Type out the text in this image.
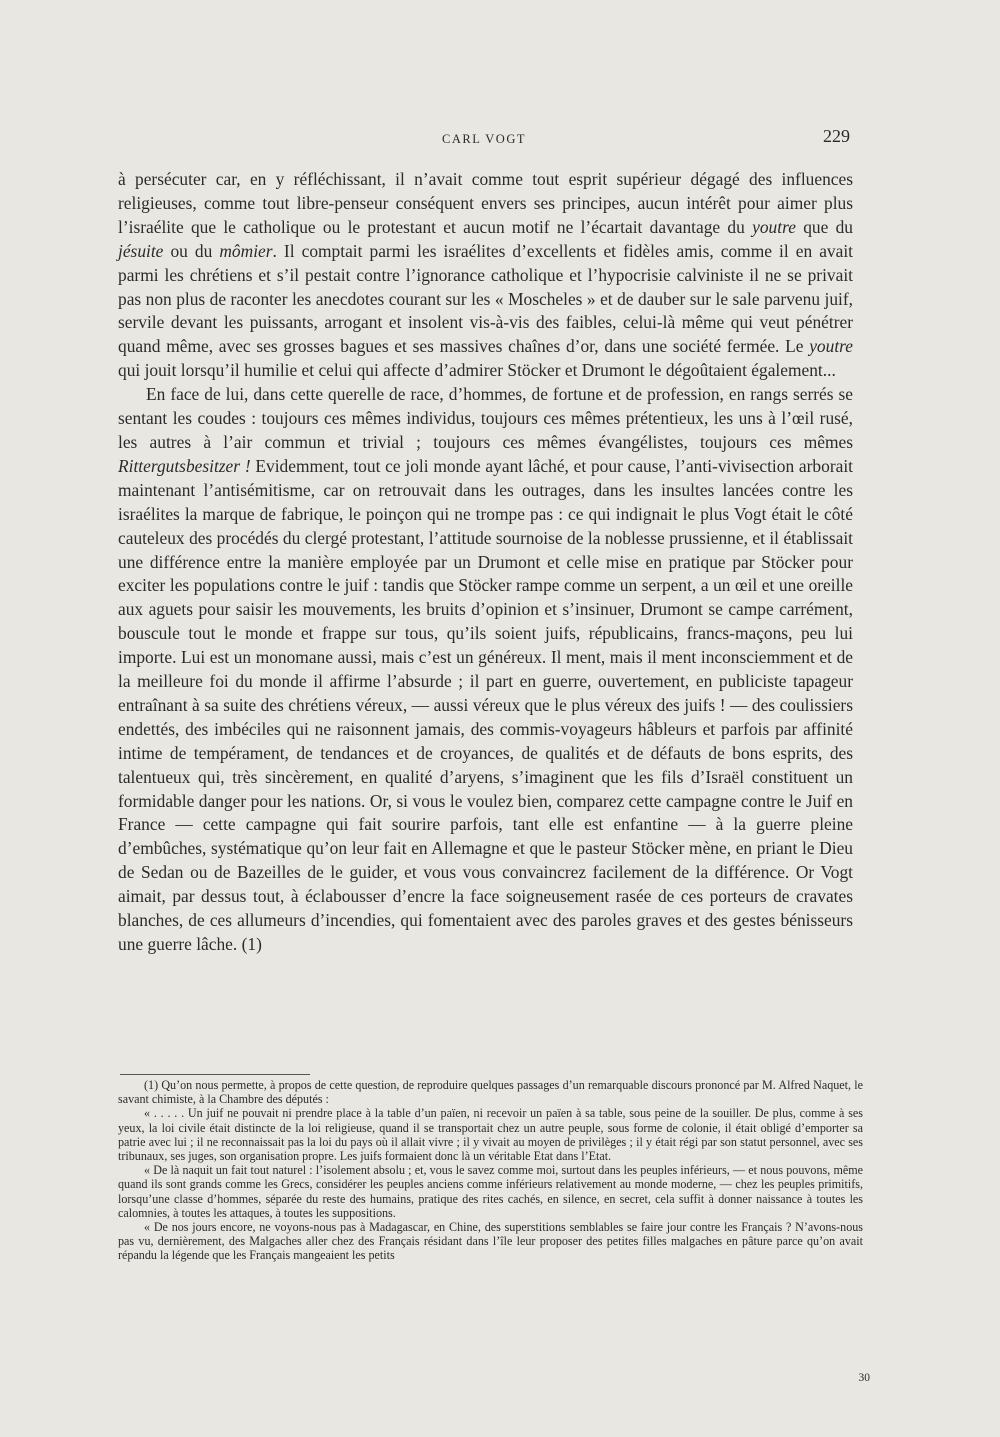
CARL VOGT	229

à persécuter car, en y réfléchissant, il n’avait comme tout esprit supérieur dégagé des influences religieuses, comme tout libre-penseur conséquent envers ses principes, aucun intérêt pour aimer plus l’israélite que le catholique ou le protestant et aucun motif ne l’écartait davantage du youtre que du jésuite ou du mômier. Il comptait parmi les israélites d’excellents et fidèles amis, comme il en avait parmi les chrétiens et s’il pestait contre l’ignorance catholique et l’hypocrisie calviniste il ne se privait pas non plus de raconter les anecdotes courant sur les « Moscheles » et de dauber sur le sale parvenu juif, servile devant les puissants, arrogant et insolent vis-à-vis des faibles, celui-là même qui veut pénétrer quand même, avec ses grosses bagues et ses massives chaînes d’or, dans une société fermée. Le youtre qui jouit lorsqu’il humilie et celui qui affecte d’admirer Stöcker et Drumont le dégoûtaient également...

En face de lui, dans cette querelle de race, d’hommes, de fortune et de profession, en rangs serrés se sentant les coudes : toujours ces mêmes individus, toujours ces mêmes prétentieux, les uns à l’œil rusé, les autres à l’air commun et trivial ; toujours ces mêmes évangélistes, toujours ces mêmes Rittergutsbesitzer ! Evidemment, tout ce joli monde ayant lâché, et pour cause, l’anti-vivisection arborait maintenant l’antisémitisme, car on retrouvait dans les outrages, dans les insultes lancées contre les israélites la marque de fabrique, le poinçon qui ne trompe pas : ce qui indignait le plus Vogt était le côté cauteleux des procédés du clergé protestant, l’attitude sournoise de la noblesse prussienne, et il établissait une différence entre la manière employée par un Drumont et celle mise en pratique par Stöcker pour exciter les populations contre le juif : tandis que Stöcker rampe comme un serpent, a un œil et une oreille aux aguets pour saisir les mouvements, les bruits d’opinion et s’insinuer, Drumont se campe carrément, bouscule tout le monde et frappe sur tous, qu’ils soient juifs, républicains, francs-maçons, peu lui importe. Lui est un monomane aussi, mais c’est un généreux. Il ment, mais il ment inconsciemment et de la meilleure foi du monde il affirme l’absurde ; il part en guerre, ouvertement, en publiciste tapageur entraînant à sa suite des chrétiens véreux, — aussi véreux que le plus véreux des juifs ! — des coulissiers endettés, des imbéciles qui ne raisonnent jamais, des commis-voyageurs hâbleurs et parfois par affinité intime de tempérament, de tendances et de croyances, de qualités et de défauts de bons esprits, des talentueux qui, très sincèrement, en qualité d’aryens, s’imaginent que les fils d’Israël constituent un formidable danger pour les nations. Or, si vous le voulez bien, comparez cette campagne contre le Juif en France — cette campagne qui fait sourire parfois, tant elle est enfantine — à la guerre pleine d’embûches, systématique qu’on leur fait en Allemagne et que le pasteur Stöcker mène, en priant le Dieu de Sedan ou de Bazeilles de le guider, et vous vous convaincrez facilement de la différence. Or Vogt aimait, par dessus tout, à éclabousser d’encre la face soigneusement rasée de ces porteurs de cravates blanches, de ces allumeurs d’incendies, qui fomentaient avec des paroles graves et des gestes bénisseurs une guerre lâche. (1)

(1) Qu’on nous permette, à propos de cette question, de reproduire quelques passages d’un remarquable discours prononcé par M. Alfred Naquet, le savant chimiste, à la Chambre des députés :

« . . . . . Un juif ne pouvait ni prendre place à la table d’un païen, ni recevoir un païen à sa table, sous peine de la souiller. De plus, comme à ses yeux, la loi civile était distincte de la loi religieuse, quand il se transportait chez un autre peuple, sous forme de colonie, il était obligé d’emporter sa patrie avec lui ; il ne reconnaissait pas la loi du pays où il allait vivre ; il y vivait au moyen de privilèges ; il y était régi par son statut personnel, avec ses tribunaux, ses juges, son organisation propre. Les juifs formaient donc là un véritable Etat dans l’Etat.

« De là naquit un fait tout naturel : l’isolement absolu ; et, vous le savez comme moi, surtout dans les peuples inférieurs, — et nous pouvons, même quand ils sont grands comme les Grecs, considérer les peuples anciens comme inférieurs relativement au monde moderne, — chez les peuples primitifs, lorsqu’une classe d’hommes, séparée du reste des humains, pratique des rites cachés, en silence, en secret, cela suffit à donner naissance à toutes les calomnies, à toutes les attaques, à toutes les suppositions.

« De nos jours encore, ne voyons-nous pas à Madagascar, en Chine, des superstitions semblables se faire jour contre les Français ? N’avons-nous pas vu, dernièrement, des Malgaches aller chez des Français résidant dans l’île leur proposer des petites filles malgaches en pâture parce qu’on avait répandu la légende que les Français mangeaient les petits

30
